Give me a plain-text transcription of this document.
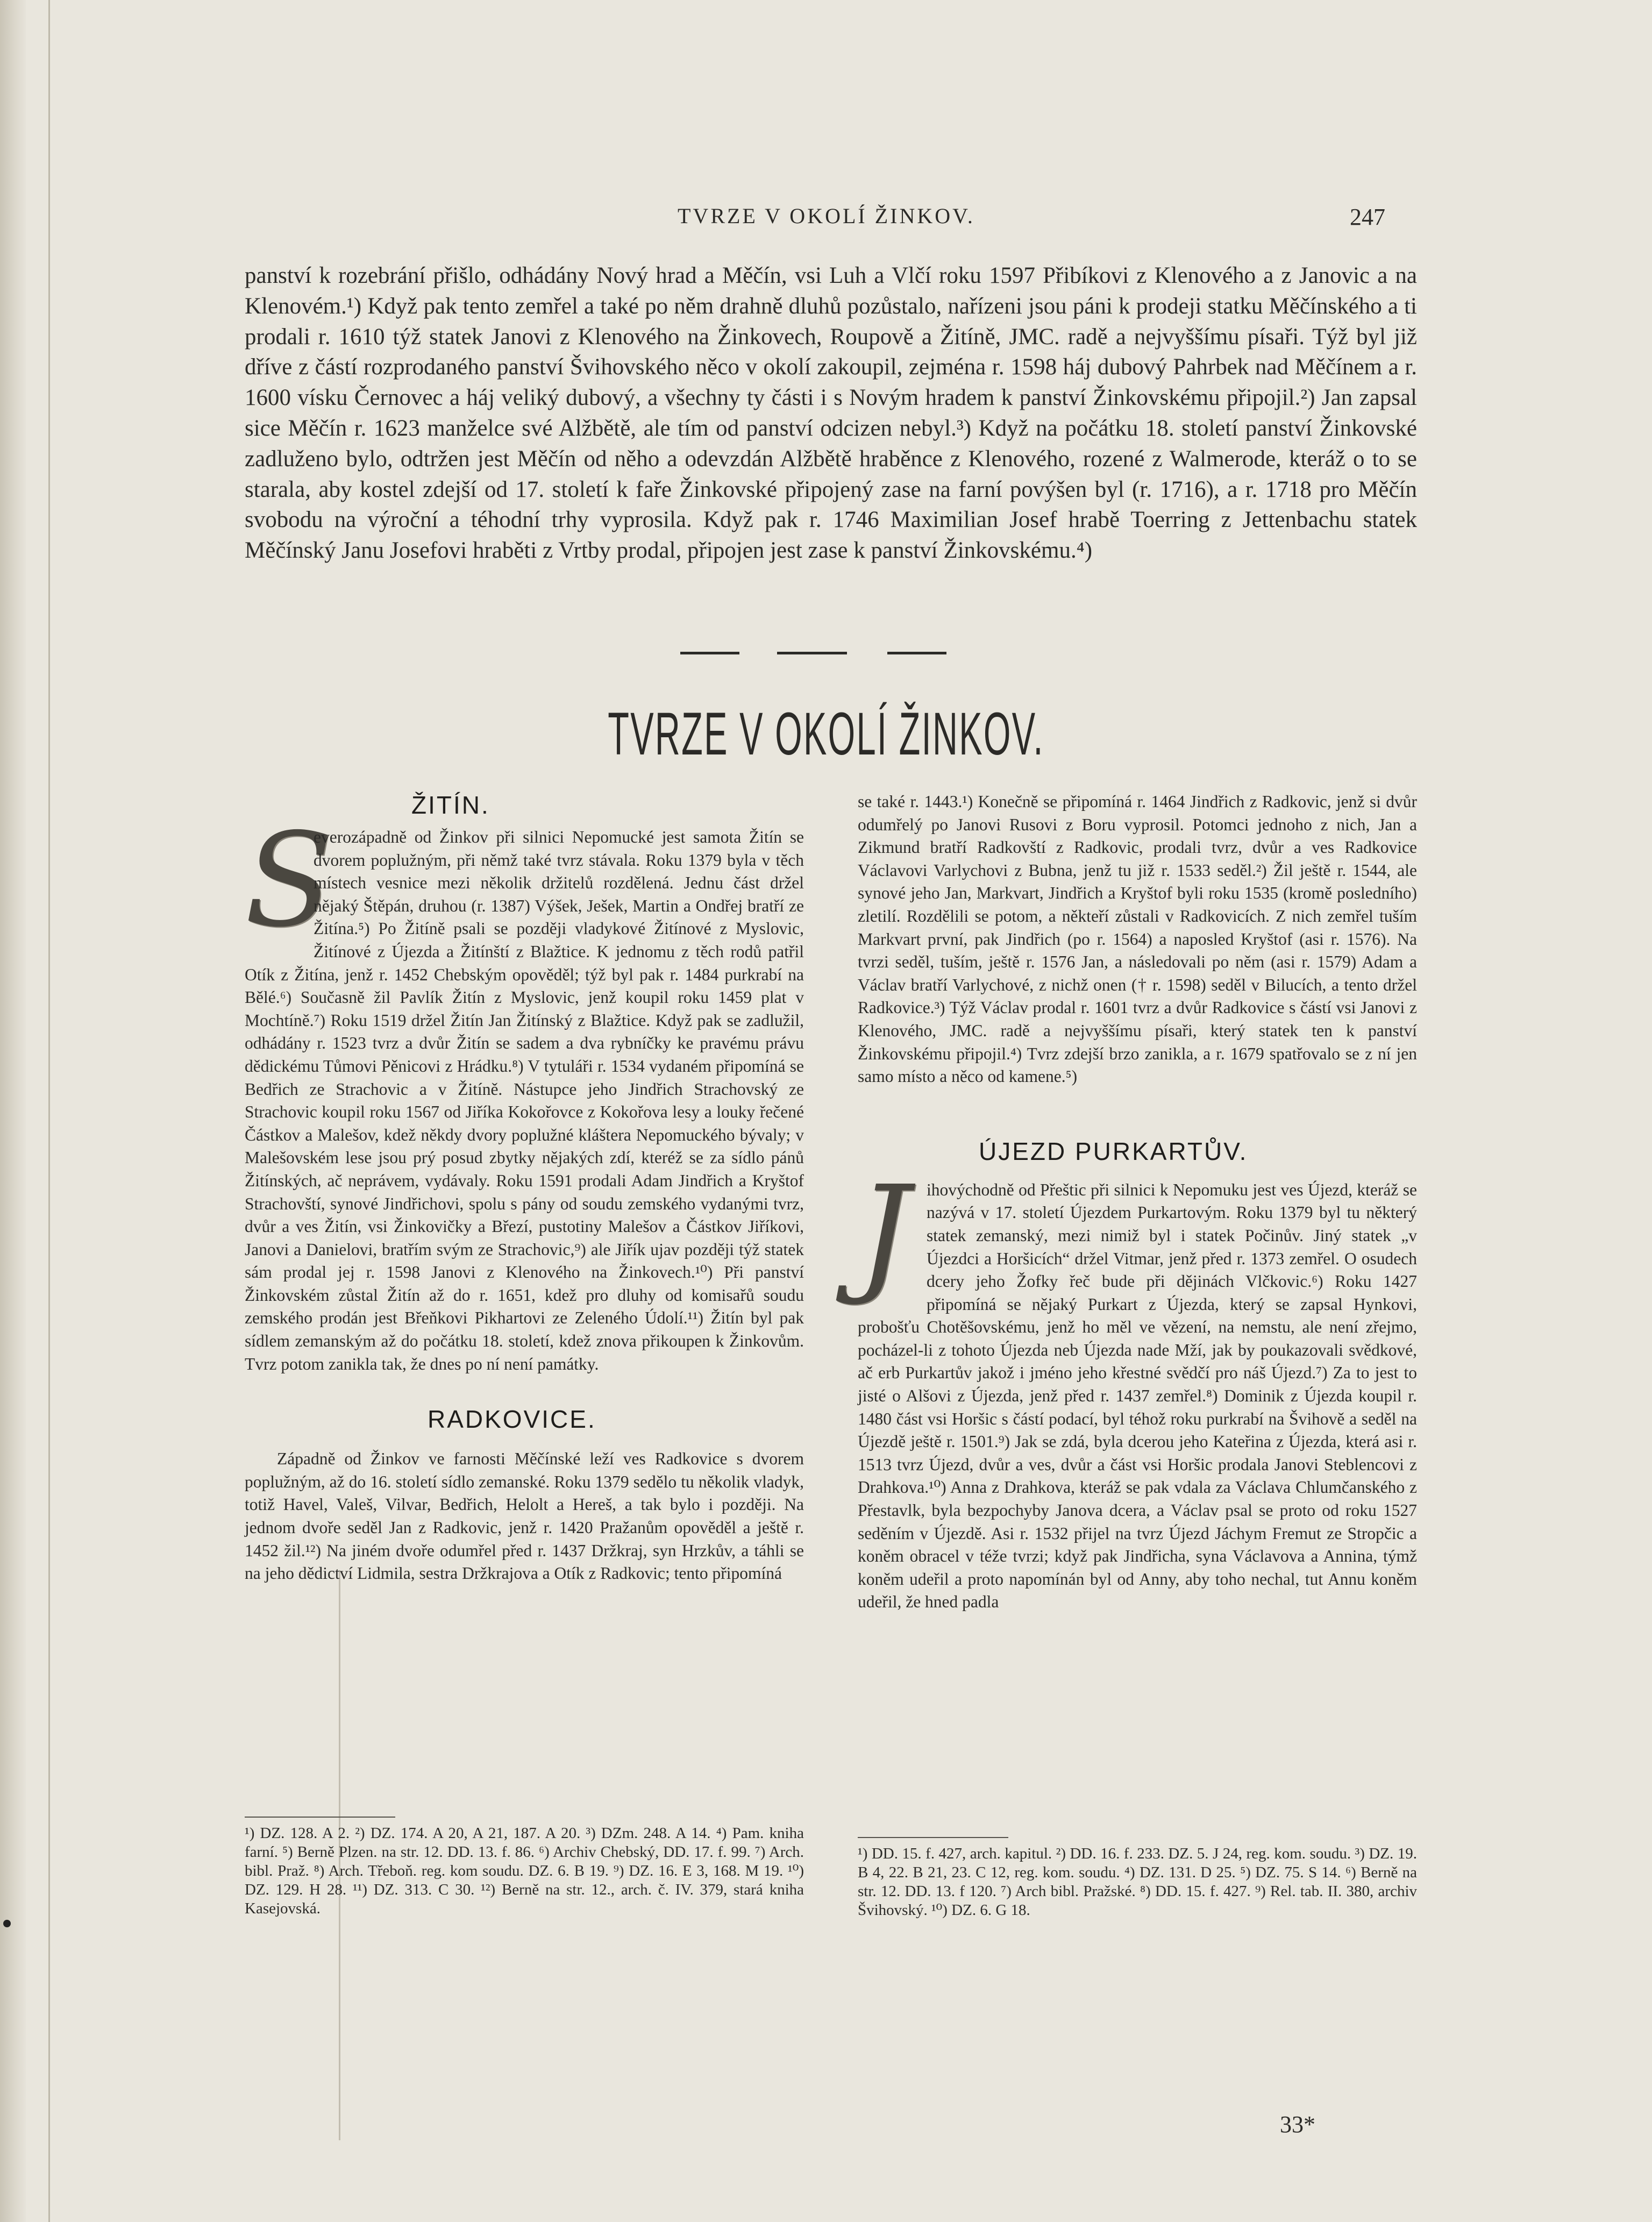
TVRZE V OKOLÍ ŽINKOV.	247

panství k rozebrání přišlo, odhádány Nový hrad a Měčín, vsi Luh a Vlčí roku 1597 Přibíkovi z Klenového a z Janovic a na Klenovém.¹) Když pak tento zemřel a také po něm drahně dluhů pozůstalo, nařízeni jsou páni k prodeji statku Měčínského a ti prodali r. 1610 týž statek Janovi z Klenového na Žinkovech, Roupově a Žitíně, JMC. radě a nejvyššímu písaři. Týž byl již dříve z částí rozprodaného panství Švihovského něco v okolí zakoupil, zejména r. 1598 háj dubový Pahrbek nad Měčínem a r. 1600 vísku Černovec a háj veliký dubový, a všechny ty části i s Novým hradem k panství Žinkovskému připojil.²) Jan zapsal sice Měčín r. 1623 manželce své Alžbětě, ale tím od panství odcizen nebyl.³) Když na počátku 18. století panství Žinkovské zadluženo bylo, odtržen jest Měčín od něho a odevzdán Alžbětě hraběnce z Klenového, rozené z Walmerode, kteráž o to se starala, aby kostel zdejší od 17. století k faře Žinkovské připojený zase na farní povýšen byl (r. 1716), a r. 1718 pro Měčín svobodu na výroční a téhodní trhy vyprosila. Když pak r. 1746 Maximilian Josef hrabě Toerring z Jettenbachu statek Měčínský Janu Josefovi hraběti z Vrtby prodal, připojen jest zase k panství Žinkovskému.⁴)

TVRZE V OKOLÍ ŽINKOV.
ŽITÍN.

S
everozápadně od Žinkov při silnici Nepomucké jest samota Žitín se dvorem poplužným, při němž také tvrz stávala. Roku 1379 byla v těch místech vesnice mezi několik držitelů rozdělená. Jednu část držel nějaký Štěpán, druhou (r. 1387) Výšek, Ješek, Martin a Ondřej bratří ze Žitína.⁵) Po Žitíně psali se později vladykové Žitínové z Myslovic, Žitínové z Újezda a Žitínští z Blažtice. K jednomu z těch rodů patřil Otík z Žitína, jenž r. 1452 Chebským opověděl; týž byl pak r. 1484 purkrabí na Bělé.⁶) Současně žil Pavlík Žitín z Myslovic, jenž koupil roku 1459 plat v Mochtíně.⁷) Roku 1519 držel Žitín Jan Žitínský z Blažtice. Když pak se zadlužil, odhádány r. 1523 tvrz a dvůr Žitín se sadem a dva rybníčky ke pravému právu dědickému Tůmovi Pěnicovi z Hrádku.⁸) V tytuláři r. 1534 vydaném připomíná se Bedřich ze Strachovic a v Žitíně. Nástupce jeho Jindřich Strachovský ze Strachovic koupil roku 1567 od Jiříka Kokořovce z Kokořova lesy a louky řečené Částkov a Malešov, kdež někdy dvory poplužné kláštera Nepomuckého bývaly; v Malešovském lese jsou prý posud zbytky nějakých zdí, kteréž se za sídlo pánů Žitínských, ač neprávem, vydávaly. Roku 1591 prodali Adam Jindřich a Kryštof Strachovští, synové Jindřichovi, spolu s pány od soudu zemského vydanými tvrz, dvůr a ves Žitín, vsi Žinkovičky a Březí, pustotiny Malešov a Částkov Jiříkovi, Janovi a Danielovi, bratřím svým ze Strachovic,⁹) ale Jiřík ujav později týž statek sám prodal jej r. 1598 Janovi z Klenového na Žinkovech.¹⁰) Při panství Žinkovském zůstal Žitín až do r. 1651, kdež pro dluhy od komisařů soudu zemského prodán jest Břeňkovi Pikhartovi ze Zeleného Údolí.¹¹) Žitín byl pak sídlem zemanským až do počátku 18. století, kdež znova přikoupen k Žinkovům. Tvrz potom zanikla tak, že dnes po ní není památky.

RADKOVICE.

Západně od Žinkov ve farnosti Měčínské leží ves Radkovice s dvorem poplužným, až do 16. století sídlo zemanské. Roku 1379 sedělo tu několik vladyk, totiž Havel, Valeš, Vilvar, Bedřich, Helolt a Hereš, a tak bylo i později. Na jednom dvoře seděl Jan z Radkovic, jenž r. 1420 Pražanům opověděl a ještě r. 1452 žil.¹²) Na jiném dvoře odumřel před r. 1437 Držkraj, syn Hrzkův, a táhli se na jeho dědictví Lidmila, sestra Držkrajova a Otík z Radkovic; tento připomíná

¹) DZ. 128. A 2. ²) DZ. 174. A 20, A 21, 187. A 20. ³) DZm. 248. A 14. ⁴) Pam. kniha farní. ⁵) Berně Plzen. na str. 12. DD. 13. f. 86. ⁶) Archiv Chebský, DD. 17. f. 99. ⁷) Arch. bibl. Praž. ⁸) Arch. Třeboň. reg. kom soudu. DZ. 6. B 19. ⁹) DZ. 16. E 3, 168. M 19. ¹⁰) DZ. 129. H 28. ¹¹) DZ. 313. C 30. ¹²) Berně na str. 12., arch. č. IV. 379, stará kniha Kasejovská.

se také r. 1443.¹) Konečně se připomíná r. 1464 Jindřich z Radkovic, jenž si dvůr odumřelý po Janovi Rusovi z Boru vyprosil. Potomci jednoho z nich, Jan a Zikmund bratří Radkovští z Radkovic, prodali tvrz, dvůr a ves Radkovice Václavovi Varlychovi z Bubna, jenž tu již r. 1533 seděl.²) Žil ještě r. 1544, ale synové jeho Jan, Markvart, Jindřich a Kryštof byli roku 1535 (kromě posledního) zletilí. Rozdělili se potom, a někteří zůstali v Radkovicích. Z nich zemřel tuším Markvart první, pak Jindřich (po r. 1564) a naposled Kryštof (asi r. 1576). Na tvrzi seděl, tuším, ještě r. 1576 Jan, a následovali po něm (asi r. 1579) Adam a Václav bratří Varlychové, z nichž onen († r. 1598) seděl v Bilucích, a tento držel Radkovice.³) Týž Václav prodal r. 1601 tvrz a dvůr Radkovice s částí vsi Janovi z Klenového, JMC. radě a nejvyššímu písaři, který statek ten k panství Žinkovskému připojil.⁴) Tvrz zdejší brzo zanikla, a r. 1679 spatřovalo se z ní jen samo místo a něco od kamene.⁵)

ÚJEZD PURKARTŮV.

J	ihovýchodně od Přeštic při silnici k Nepomuku jest ves Újezd, kteráž se nazývá v 17. století Újezdem Purkartovým. Roku 1379 byl tu některý statek zemanský, mezi nimiž byl i statek Počinův. Jiný statek „v Újezdci a Horšicích“ držel Vitmar, jenž před r. 1373 zemřel. O osudech dcery jeho Žofky řeč bude při dějinách Vlčkovic.⁶) Roku 1427 připomíná se nějaký Purkart z Újezda, který se zapsal Hynkovi, probošťu Chotěšovskému, jenž ho měl ve vězení, na nemstu, ale není zřejmo, pocházel-li z tohoto Újezda neb Újezda nade Mží, jak by poukazovali svědkové, ač erb Purkartův jakož i jméno jeho křestné svědčí pro náš Újezd.⁷) Za to jest to jisté o Alšovi z Újezda, jenž před r. 1437 zemřel.⁸) Dominik z Újezda koupil r. 1480 část vsi Horšic s částí podací, byl téhož roku purkrabí na Švihově a seděl na Újezdě ještě r. 1501.⁹) Jak se zdá, byla dcerou jeho Kateřina z Újezda, která asi r. 1513 tvrz Újezd, dvůr a ves, dvůr a část vsi Horšic prodala Janovi Steblencovi z Drahkova.¹⁰) Anna z Drahkova, kteráž se pak vdala za Václava Chlumčanského z Přestavlk, byla bezpochyby Janova dcera, a Václav psal se proto od roku 1527 seděním v Újezdě. Asi r. 1532 přijel na tvrz Újezd Jáchym Fremut ze Stropčic a koněm obracel v téže tvrzi; když pak Jindřicha, syna Václavova a Annina, týmž koněm udeřil a proto napomínán byl od Anny, aby toho nechal, tut Annu koněm udeřil, že hned padla

¹) DD. 15. f. 427, arch. kapitul. ²) DD. 16. f. 233. DZ. 5. J 24, reg. kom. soudu. ³) DZ. 19. B 4, 22. B 21, 23. C 12, reg. kom. soudu. ⁴) DZ. 131. D 25. ⁵) DZ. 75. S 14. ⁶) Berně na str. 12. DD. 13. f 120. ⁷) Arch bibl. Pražské. ⁸) DD. 15. f. 427. ⁹) Rel. tab. II. 380, archiv Švihovský. ¹⁰) DZ. 6. G 18.

33*
